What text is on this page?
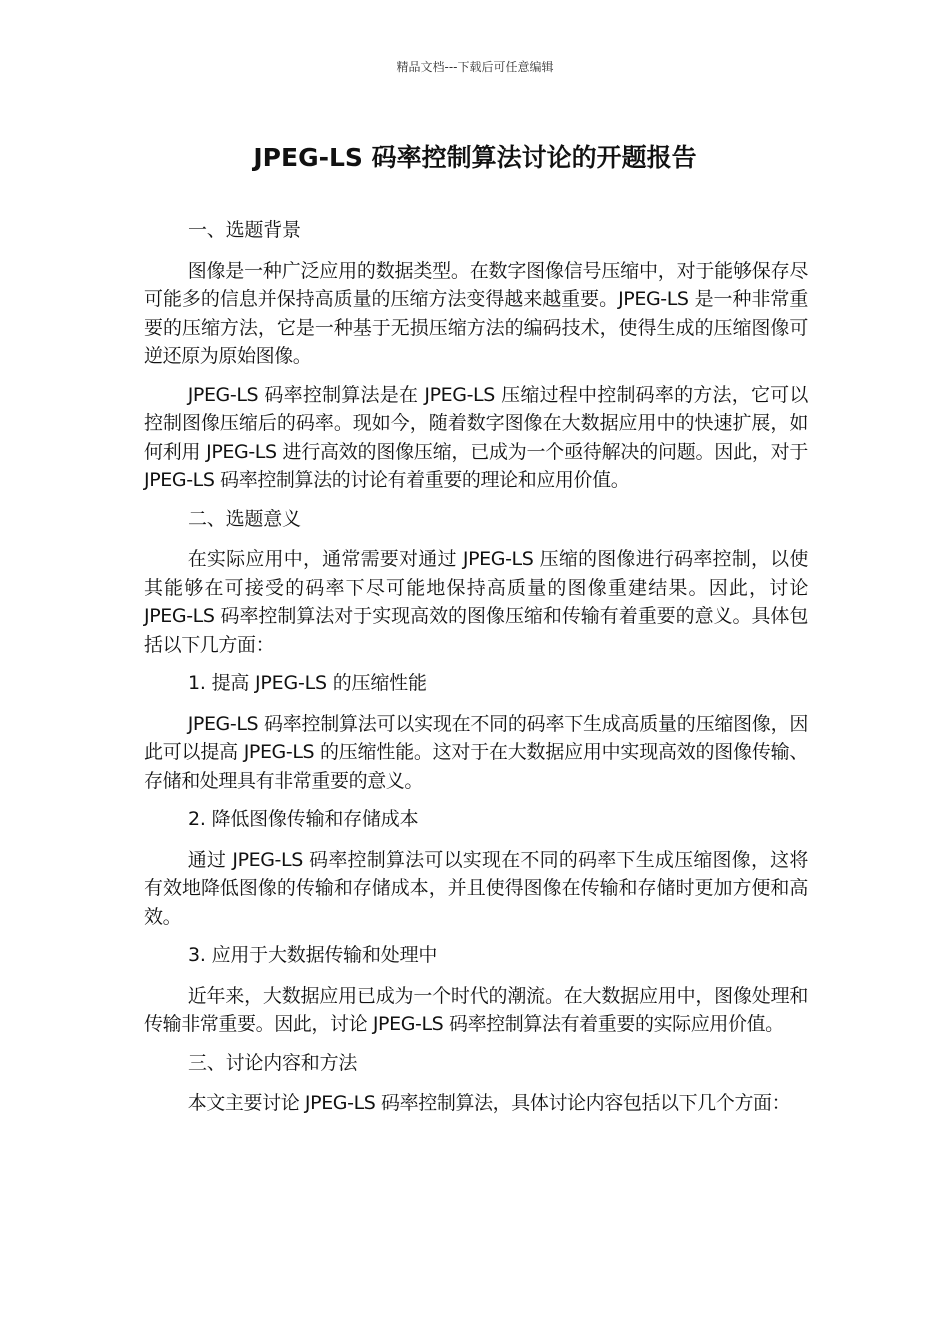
精品文档---下载后可任意编辑
JPEG-LS 码率控制算法讨论的开题报告
一、选题背景

图像是一种广泛应用的数据类型。在数字图像信号压缩中，对于能够保存尽可能多的信息并保持高质量的压缩方法变得越来越重要。JPEG-LS 是一种非常重要的压缩方法，它是一种基于无损压缩方法的编码技术，使得生成的压缩图像可逆还原为原始图像。

JPEG-LS 码率控制算法是在 JPEG-LS 压缩过程中控制码率的方法，它可以控制图像压缩后的码率。现如今，随着数字图像在大数据应用中的快速扩展，如何利用 JPEG-LS 进行高效的图像压缩，已成为一个亟待解决的问题。因此，对于 JPEG-LS 码率控制算法的讨论有着重要的理论和应用价值。

二、选题意义

在实际应用中，通常需要对通过 JPEG-LS 压缩的图像进行码率控制，以使其能够在可接受的码率下尽可能地保持高质量的图像重建结果。因此，讨论 JPEG-LS 码率控制算法对于实现高效的图像压缩和传输有着重要的意义。具体包括以下几方面：

1. 提高 JPEG-LS 的压缩性能

JPEG-LS 码率控制算法可以实现在不同的码率下生成高质量的压缩图像，因此可以提高 JPEG-LS 的压缩性能。这对于在大数据应用中实现高效的图像传输、存储和处理具有非常重要的意义。

2. 降低图像传输和存储成本

通过 JPEG-LS 码率控制算法可以实现在不同的码率下生成压缩图像，这将有效地降低图像的传输和存储成本，并且使得图像在传输和存储时更加方便和高效。

3. 应用于大数据传输和处理中

近年来，大数据应用已成为一个时代的潮流。在大数据应用中，图像处理和传输非常重要。因此，讨论 JPEG-LS 码率控制算法有着重要的实际应用价值。

三、讨论内容和方法

本文主要讨论 JPEG-LS 码率控制算法，具体讨论内容包括以下几个方面：
